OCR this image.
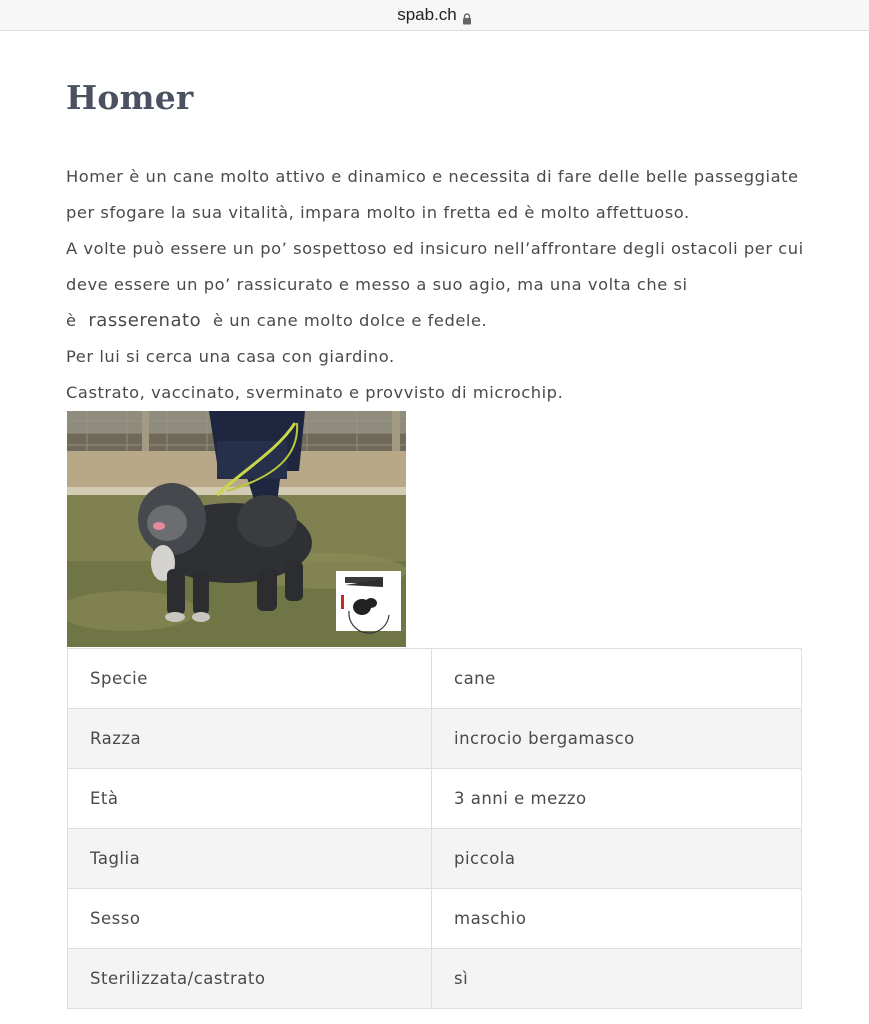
spab.ch
Homer

Homer è un cane molto attivo e dinamico e necessita di fare delle belle passeggiate

per sfogare la sua vitalità, impara molto in fretta ed è molto affettuoso.

A volte può essere un po’ sospettoso ed insicuro nell’affrontare degli ostacoli per cui

deve essere un po’ rassicurato e messo a suo agio, ma una volta che si

è rasserenato è un cane molto dolce e fedele.

Per lui si cerca una casa con giardino.

Castrato, vaccinato, sverminato e provvisto di microchip.

Specie	cane
Razza	incrocio bergamasco
Età	3 anni e mezzo
Taglia	piccola
Sesso	maschio
Sterilizzata/castrato	sì
